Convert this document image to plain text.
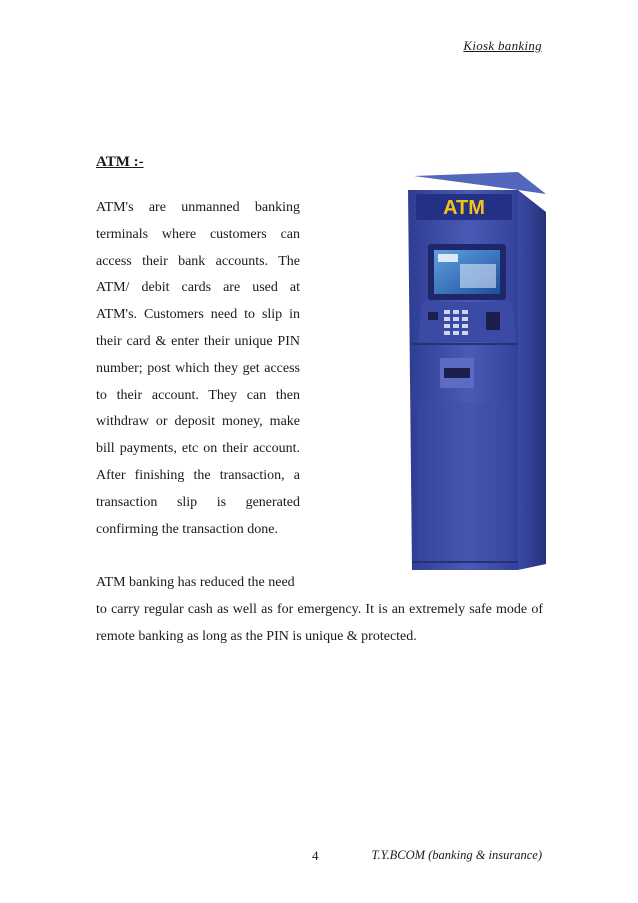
Kiosk banking
ATM :-
ATM's are unmanned banking terminals where customers can access their bank accounts. The ATM/ debit cards are used at ATM's. Customers need to slip in their card & enter their unique PIN number; post which they get access to their account. They can then withdraw or deposit money, make bill payments, etc on their account. After finishing the transaction, a transaction slip is generated confirming the transaction done.
ATM
ATM banking has reduced the need
to carry regular cash as well as for emergency. It is an extremely safe mode of remote banking as long as the PIN is unique & protected.
4	T.Y.BCOM (banking & insurance)
